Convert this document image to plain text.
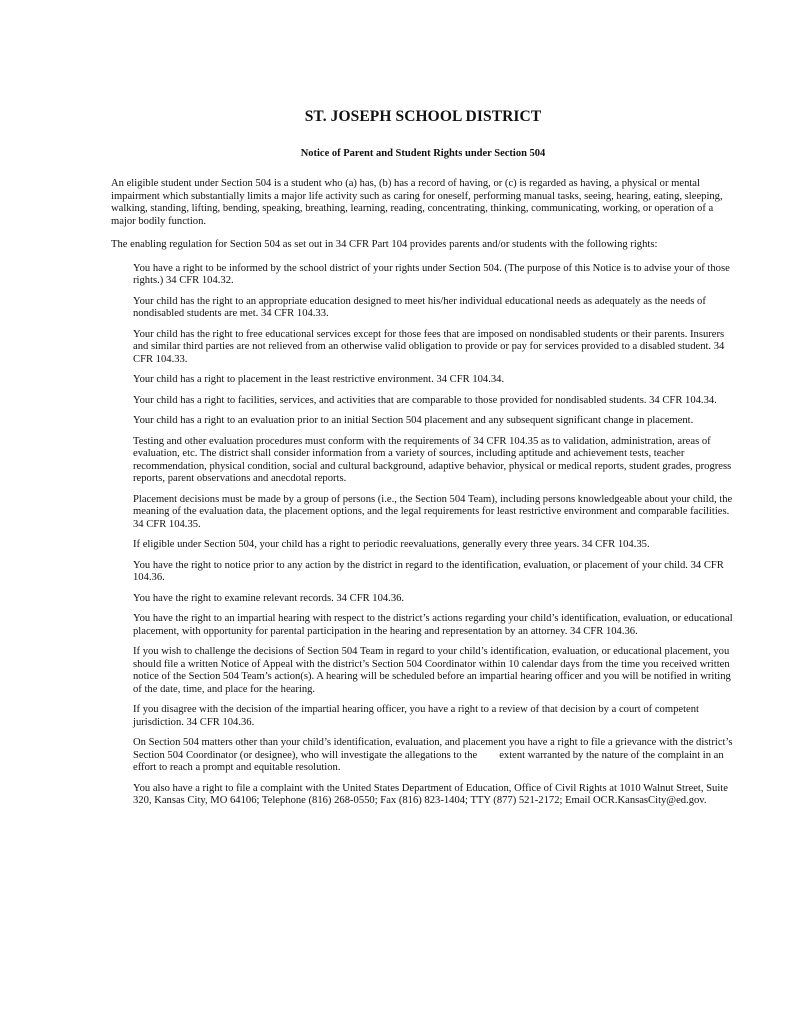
ST. JOSEPH SCHOOL DISTRICT
Notice of Parent and Student Rights under Section 504

An eligible student under Section 504 is a student who (a) has, (b) has a record of having, or (c) is regarded as having, a physical or mental impairment which substantially limits a major life activity such as caring for oneself, performing manual tasks, seeing, hearing, eating, sleeping, walking, standing, lifting, bending, speaking, breathing, learning, reading, concentrating, thinking, communicating, working, or operation of a major bodily function.

The enabling regulation for Section 504 as set out in 34 CFR Part 104 provides parents and/or students with the following rights:

You have a right to be informed by the school district of your rights under Section 504. (The purpose of this Notice is to advise your of those rights.) 34 CFR 104.32.
Your child has the right to an appropriate education designed to meet his/her individual educational needs as adequately as the needs of nondisabled students are met. 34 CFR 104.33.
Your child has the right to free educational services except for those fees that are imposed on nondisabled students or their parents. Insurers and similar third parties are not relieved from an otherwise valid obligation to provide or pay for services provided to a disabled student. 34 CFR 104.33.
Your child has a right to placement in the least restrictive environment. 34 CFR 104.34.
Your child has a right to facilities, services, and activities that are comparable to those provided for nondisabled students. 34 CFR 104.34.
Your child has a right to an evaluation prior to an initial Section 504 placement and any subsequent significant change in placement.
Testing and other evaluation procedures must conform with the requirements of 34 CFR 104.35 as to validation, administration, areas of evaluation, etc. The district shall consider information from a variety of sources, including aptitude and achievement tests, teacher recommendation, physical condition, social and cultural background, adaptive behavior, physical or medical reports, student grades, progress reports, parent observations and anecdotal reports.
Placement decisions must be made by a group of persons (i.e., the Section 504 Team), including persons knowledgeable about your child, the meaning of the evaluation data, the placement options, and the legal requirements for least restrictive environment and comparable facilities. 34 CFR 104.35.
If eligible under Section 504, your child has a right to periodic reevaluations, generally every three years. 34 CFR 104.35.
You have the right to notice prior to any action by the district in regard to the identification, evaluation, or placement of your child. 34 CFR 104.36.
You have the right to examine relevant records. 34 CFR 104.36.
You have the right to an impartial hearing with respect to the district’s actions regarding your child’s identification, evaluation, or educational placement, with opportunity for parental participation in the hearing and representation by an attorney. 34 CFR 104.36.
If you wish to challenge the decisions of Section 504 Team in regard to your child’s identification, evaluation, or educational placement, you should file a written Notice of Appeal with the district’s Section 504 Coordinator within 10 calendar days from the time you received written notice of the Section 504 Team’s action(s). A hearing will be scheduled before an impartial hearing officer and you will be notified in writing of the date, time, and place for the hearing.
If you disagree with the decision of the impartial hearing officer, you have a right to a review of that decision by a court of competent jurisdiction. 34 CFR 104.36.
On Section 504 matters other than your child’s identification, evaluation, and placement you have a right to file a grievance with the district’s Section 504 Coordinator (or designee), who will investigate the allegations to the extent warranted by the nature of the complaint in an effort to reach a prompt and equitable resolution.
You also have a right to file a complaint with the United States Department of Education, Office of Civil Rights at 1010 Walnut Street, Suite 320, Kansas City, MO 64106; Telephone (816) 268-0550; Fax (816) 823-1404; TTY (877) 521-2172; Email OCR.KansasCity@ed.gov.
